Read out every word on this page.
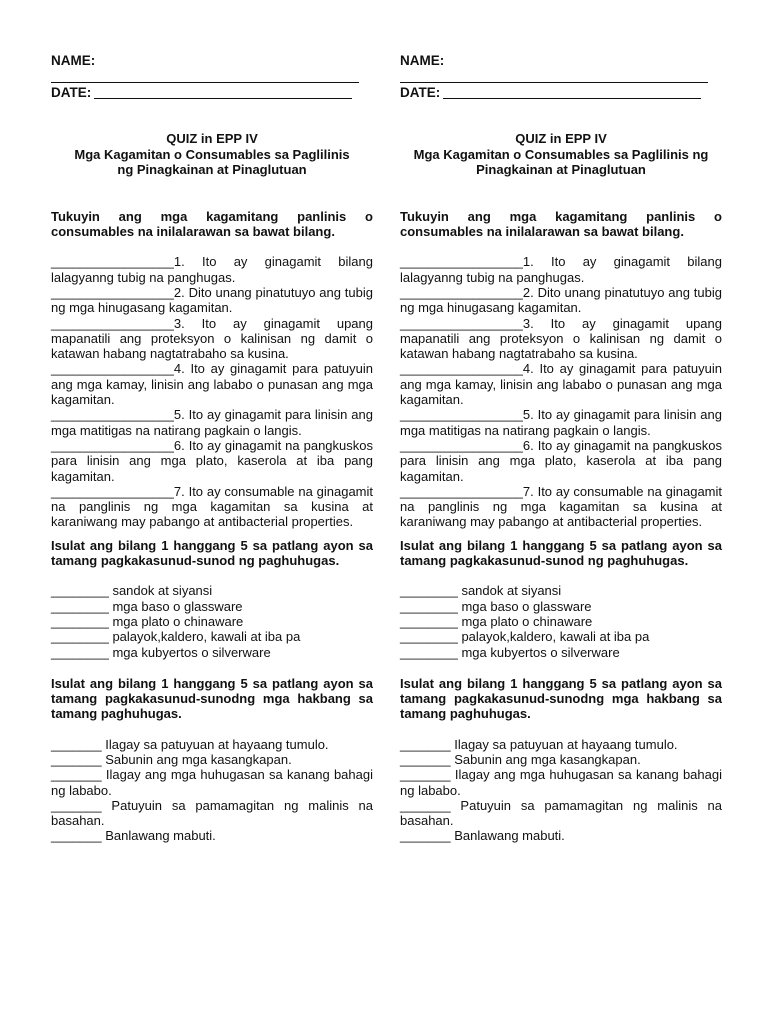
NAME:
DATE:
QUIZ in EPP IV
Mga Kagamitan o Consumables sa Paglilinis
ng Pinagkainan at Pinaglutuan
Tukuyin ang mga kagamitang panlinis o consumables na inilalarawan sa bawat bilang.
_________________1. Ito ay ginagamit bilang lalagyanng tubig na panghugas.
_________________2. Dito unang pinatutuyo ang tubig ng mga hinugasang kagamitan.
_________________3. Ito ay ginagamit upang mapanatili ang proteksyon o kalinisan ng damit o katawan habang nagtatrabaho sa kusina.
_________________4. Ito ay ginagamit para patuyuin ang mga kamay, linisin ang lababo o punasan ang mga kagamitan.
_________________5. Ito ay ginagamit para linisin ang mga matitigas na natirang pagkain o langis.
_________________6. Ito ay ginagamit na pangkuskos para linisin ang mga plato, kaserola at iba pang kagamitan.
_________________7. Ito ay consumable na ginagamit na panglinis ng mga kagamitan sa kusina at karaniwang may pabango at antibacterial properties.
Isulat ang bilang 1 hanggang 5 sa patlang ayon sa tamang pagkakasunud-sunod ng paghuhugas.
________ sandok at siyansi
________ mga baso o glassware
________ mga plato o chinaware
________ palayok,kaldero, kawali at iba pa
________ mga kubyertos o silverware
Isulat ang bilang 1 hanggang 5 sa patlang ayon sa tamang pagkakasunud-sunodng mga hakbang sa tamang paghuhugas.
_______ Ilagay sa patuyuan at hayaang tumulo.
_______ Sabunin ang mga kasangkapan.
_______ Ilagay ang mga huhugasan sa kanang bahagi ng lababo.
_______ Patuyuin sa pamamagitan ng malinis na basahan.
_______ Banlawang mabuti.
NAME:
DATE:
QUIZ in EPP IV
Mga Kagamitan o Consumables sa Paglilinis ng
Pinagkainan at Pinaglutuan
Tukuyin ang mga kagamitang panlinis o consumables na inilalarawan sa bawat bilang.
_________________1. Ito ay ginagamit bilang lalagyanng tubig na panghugas.
_________________2. Dito unang pinatutuyo ang tubig ng mga hinugasang kagamitan.
_________________3. Ito ay ginagamit upang mapanatili ang proteksyon o kalinisan ng damit o katawan habang nagtatrabaho sa kusina.
_________________4. Ito ay ginagamit para patuyuin ang mga kamay, linisin ang lababo o punasan ang mga kagamitan.
_________________5. Ito ay ginagamit para linisin ang mga matitigas na natirang pagkain o langis.
_________________6. Ito ay ginagamit na pangkuskos para linisin ang mga plato, kaserola at iba pang kagamitan.
_________________7. Ito ay consumable na ginagamit na panglinis ng mga kagamitan sa kusina at karaniwang may pabango at antibacterial properties.
Isulat ang bilang 1 hanggang 5 sa patlang ayon sa tamang pagkakasunud-sunod ng paghuhugas.
________ sandok at siyansi
________ mga baso o glassware
________ mga plato o chinaware
________ palayok,kaldero, kawali at iba pa
________ mga kubyertos o silverware
Isulat ang bilang 1 hanggang 5 sa patlang ayon sa tamang pagkakasunud-sunodng mga hakbang sa tamang paghuhugas.
_______ Ilagay sa patuyuan at hayaang tumulo.
_______ Sabunin ang mga kasangkapan.
_______ Ilagay ang mga huhugasan sa kanang bahagi ng lababo.
_______ Patuyuin sa pamamagitan ng malinis na basahan.
_______ Banlawang mabuti.
